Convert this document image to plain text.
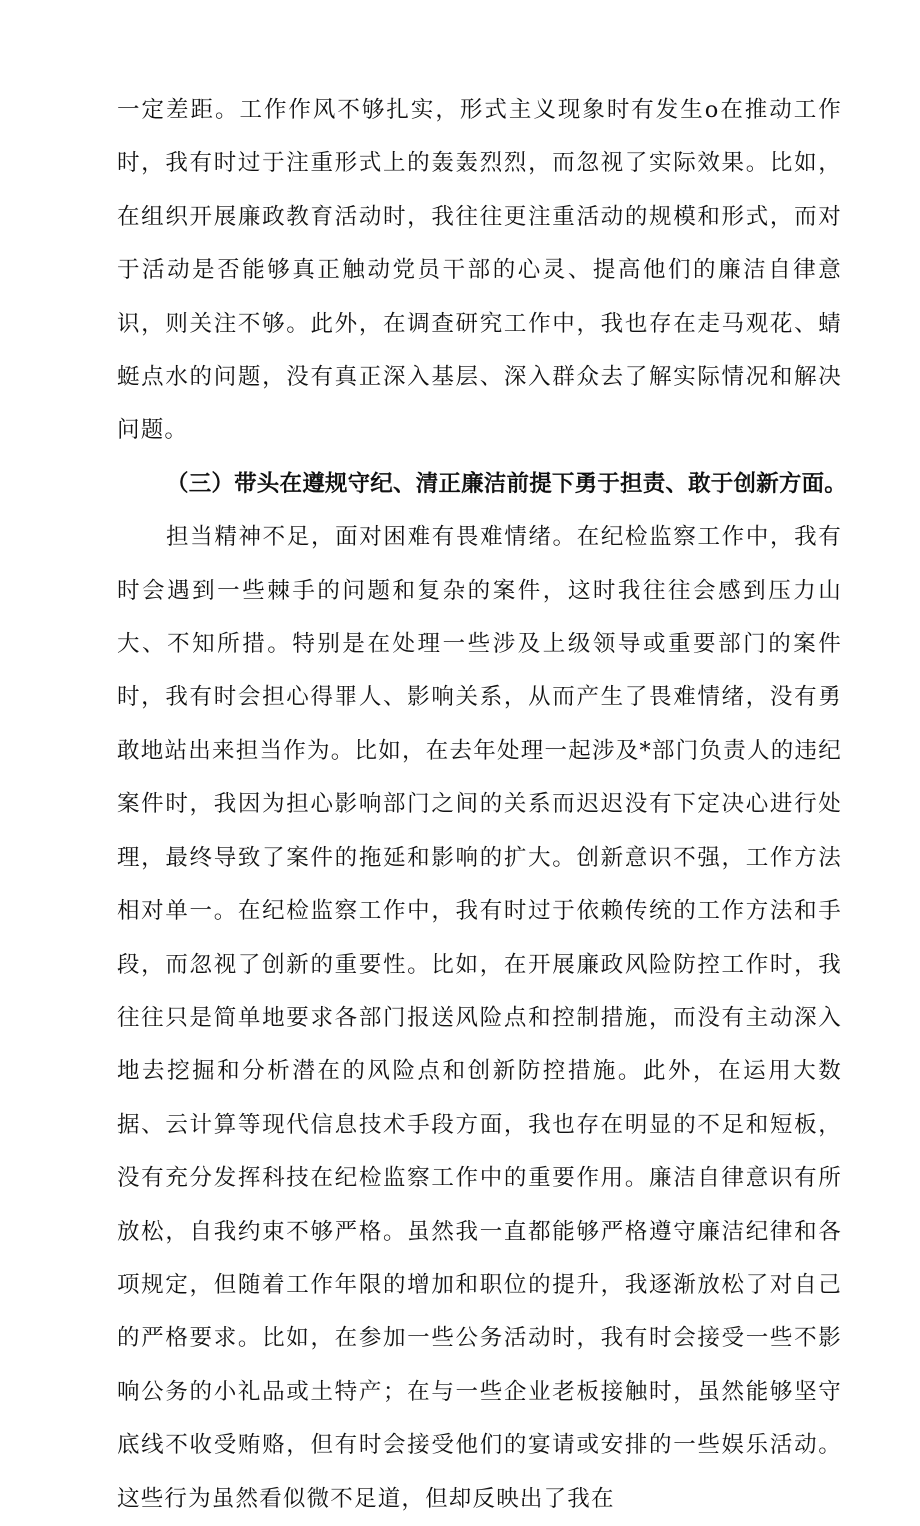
一定差距。工作作风不够扎实，形式主义现象时有发生o在推动工作时，我有时过于注重形式上的轰轰烈烈，而忽视了实际效果。比如，在组织开展廉政教育活动时，我往往更注重活动的规模和形式，而对于活动是否能够真正触动党员干部的心灵、提高他们的廉洁自律意识，则关注不够。此外，在调查研究工作中，我也存在走马观花、蜻蜓点水的问题，没有真正深入基层、深入群众去了解实际情况和解决问题。

（三）带头在遵规守纪、清正廉洁前提下勇于担责、敢于创新方面。

担当精神不足，面对困难有畏难情绪。在纪检监察工作中，我有时会遇到一些棘手的问题和复杂的案件，这时我往往会感到压力山大、不知所措。特别是在处理一些涉及上级领导或重要部门的案件时，我有时会担心得罪人、影响关系，从而产生了畏难情绪，没有勇敢地站出来担当作为。比如，在去年处理一起涉及*部门负责人的违纪案件时，我因为担心影响部门之间的关系而迟迟没有下定决心进行处理，最终导致了案件的拖延和影响的扩大。创新意识不强，工作方法相对单一。在纪检监察工作中，我有时过于依赖传统的工作方法和手段，而忽视了创新的重要性。比如，在开展廉政风险防控工作时，我往往只是简单地要求各部门报送风险点和控制措施，而没有主动深入地去挖掘和分析潜在的风险点和创新防控措施。此外，在运用大数据、云计算等现代信息技术手段方面，我也存在明显的不足和短板，没有充分发挥科技在纪检监察工作中的重要作用。廉洁自律意识有所放松，自我约束不够严格。虽然我一直都能够严格遵守廉洁纪律和各项规定，但随着工作年限的增加和职位的提升，我逐渐放松了对自己的严格要求。比如，在参加一些公务活动时，我有时会接受一些不影响公务的小礼品或土特产；在与一些企业老板接触时，虽然能够坚守底线不收受贿赂，但有时会接受他们的宴请或安排的一些娱乐活动。这些行为虽然看似微不足道，但却反映出了我在
